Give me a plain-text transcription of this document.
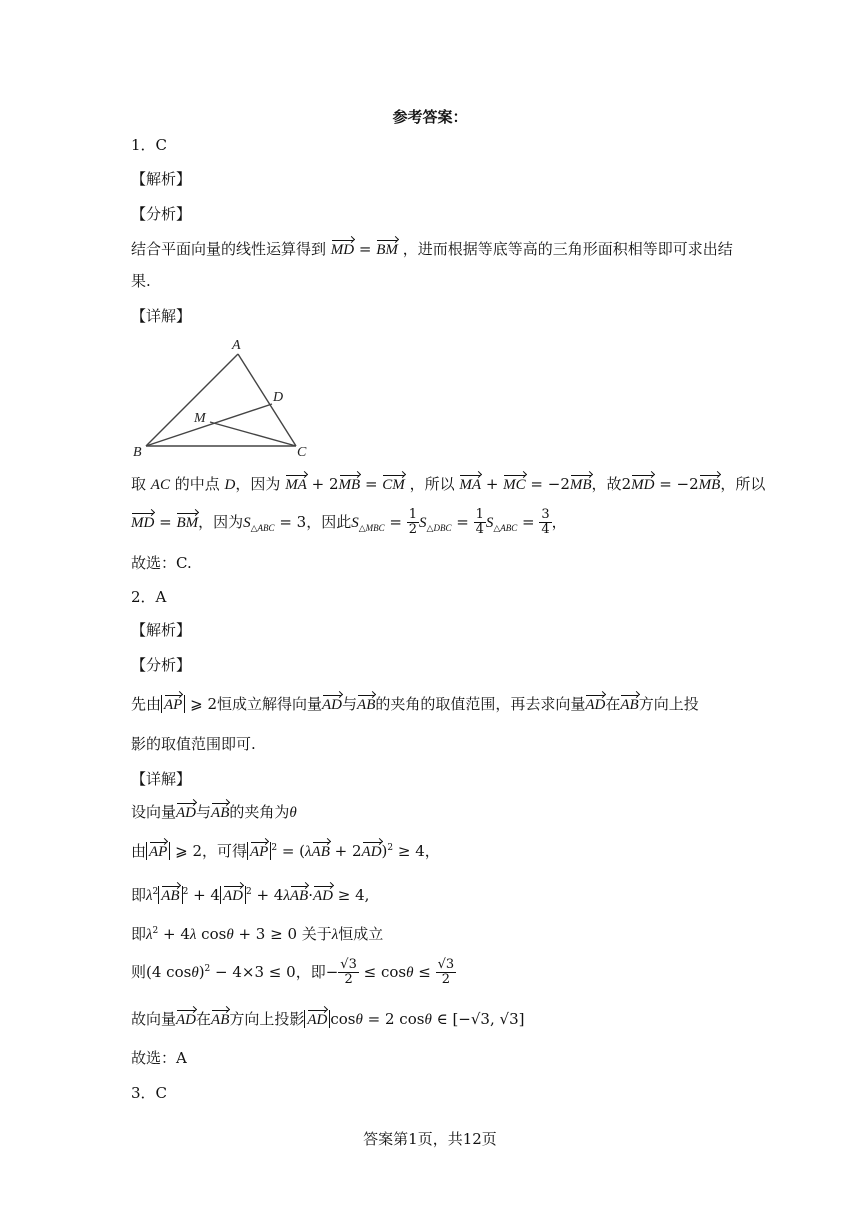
参考答案：
1．C
【解析】
【分析】
结合平面向量的线性运算得到 MD = BM ，进而根据等底等高的三角形面积相等即可求出结
果.
【详解】
A
B	C
D
M
取 AC 的中点 D，因为 MA + 2MB = CM ，所以 MA + MC = −2MB，故2MD = −2MB，所以
MD = BM，因为$S_{\triangle ABC} = 3$，因此$S_{\triangle MBC} = \frac{1}{2} S_{\triangle DBC} = \frac{1}{4} S_{\triangle ABC} = \frac{3}{4}$ ，
故选：C.
2．A
【解析】
【分析】
先由 AP ⩾ 2恒成立解得向量AD与AB的夹角的取值范围，再去求向量AD在AB方向上投
影的取值范围即可.
【详解】
设向量AD与AB的夹角为θ
由 AP ⩾ 2，可得 AP $^2 = (\lambda AB + 2AD)^2 \ge 4$，
即$\lambda^2$ AB $^2$ + 4 AD $^2$ + 4λAB·AD ≥ 4,
即$\lambda^2 + 4\lambda$ cosθ + 3 ≥ 0 关于λ恒成立
则(4 cosθ)$^2$ − 4×3 ≤ 0，即− $\frac{√3}{2} \le \cos\theta \le \frac{√3}{2}$
故向量AD在AB方向上投影 AD cosθ = 2 cosθ ∈ [−√3, √3]
故选：A
3．C
答案第1页，共12页
